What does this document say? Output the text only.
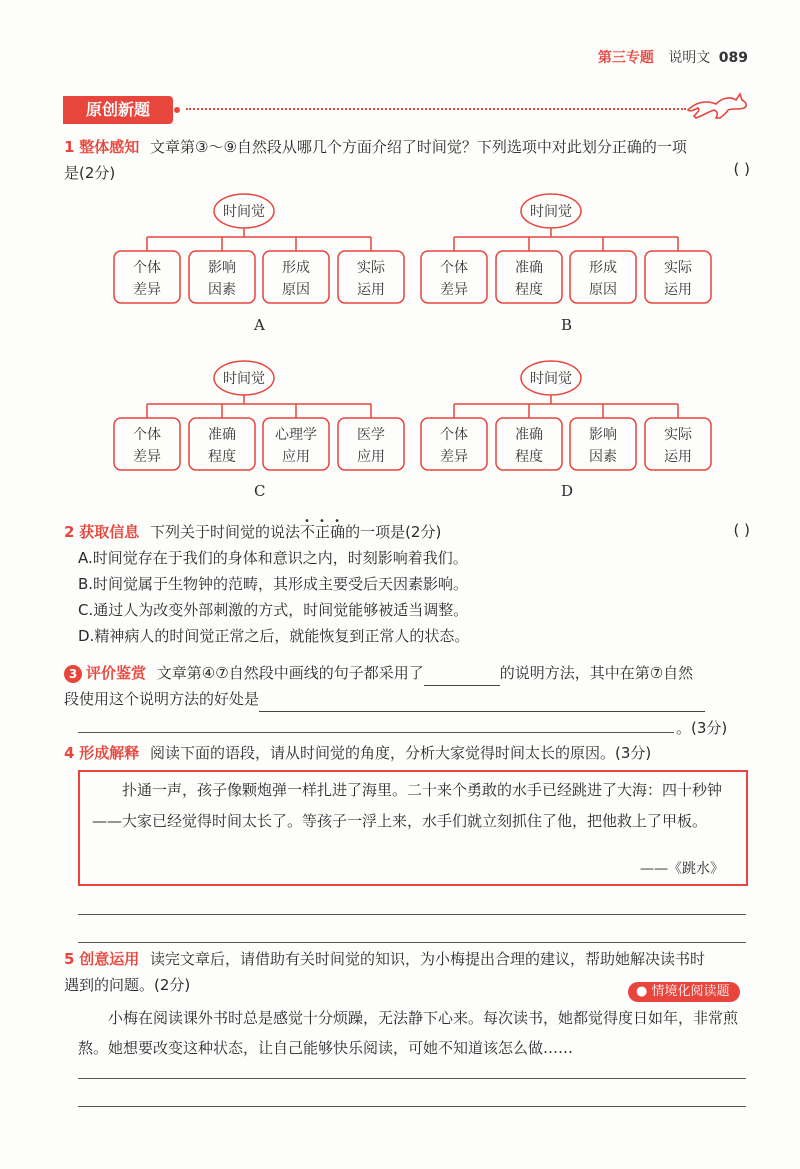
第三专题 说明文 089
原创新题
1 整体感知 文章第③～⑨自然段从哪几个方面介绍了时间觉？下列选项中对此划分正确的一项
是(2分)	( )
时间觉
个体
差异
影响
因素
形成
原因
实际
运用
时间觉
个体
差异
准确
程度
形成
原因
实际
运用
时间觉
个体
差异
准确
程度
心理学
应用
医学
应用
时间觉
个体
差异
准确
程度
影响
因素
实际
运用
A	B
C	D
2 获取信息 下列关于时间觉的说法不正确的一项是(2分)	( )
A.时间觉存在于我们的身体和意识之内，时刻影响着我们。
B.时间觉属于生物钟的范畴，其形成主要受后天因素影响。
C.通过人为改变外部刺激的方式，时间觉能够被适当调整。
D.精神病人的时间觉正常之后，就能恢复到正常人的状态。
3 评价鉴赏 文章第④⑦自然段中画线的句子都采用了	的说明方法，其中在第⑦自然
段使用这个说明方法的好处是
。(3分)
4 形成解释 阅读下面的语段，请从时间觉的角度，分析大家觉得时间太长的原因。(3分)
扑通一声，孩子像颗炮弹一样扎进了海里。二十来个勇敢的水手已经跳进了大海：四十秒钟——大家已经觉得时间太长了。等孩子一浮上来，水手们就立刻抓住了他，把他救上了甲板。
——《跳水》
5 创意运用 读完文章后，请借助有关时间觉的知识，为小梅提出合理的建议，帮助她解决读书时
遇到的问题。(2分)	● 情境化阅读题
小梅在阅读课外书时总是感觉十分烦躁，无法静下心来。每次读书，她都觉得度日如年，非常煎熬。她想要改变这种状态，让自己能够快乐阅读，可她不知道该怎么做……
